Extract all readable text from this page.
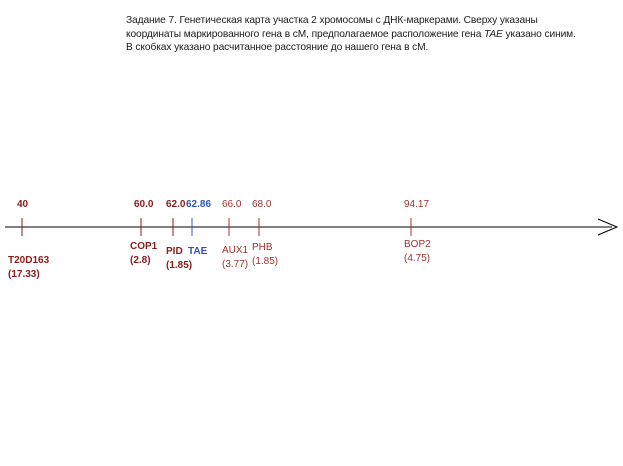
Задание 7. Генетическая карта участка 2 хромосомы с ДНК-маркерами. Сверху указаны

координаты маркированного гена в сМ, предполагаемое расположение гена TAE указано синим.

В скобках указано расчитанное расстояние до нашего гена в сМ.

40
T20D163
(17.33)
60.0
COP1
(2.8)
62.0
PID
(1.85)
62.86
TAE
66.0
AUX1
(3.77)
68.0
PHB
(1.85)
94.17
BOP2
(4.75)
